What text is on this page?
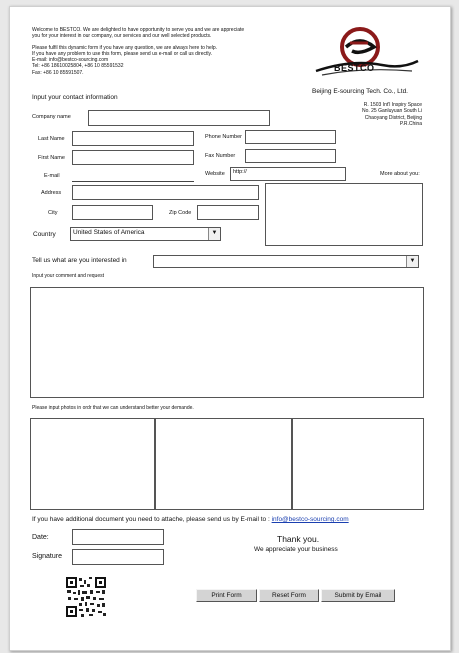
Welcome to BESTCO. We are delighted to have opportunity to serve you and we are appreciate
you for your interest in our company, our services and our well selected products.
Please fulfil this dynamic form if you have any question, we are always here to help.
If you have any problem to use this form, please send us e-mail or call us directly.
E-mail: info@bestco-sourcing.com
Tel: +86 18610025804, +86 10 85591532
Fax: +86 10 85591507.	BESTCO
Beijing E-sourcing Tech. Co., Ltd.
R. 1503 Int'l Inspiry Space
No. 25 Ganluyuan South Li
Chaoyang District, Beijing
P.R.China
Input your contact information
Company name
Last Name	Phone Number
First Name	Fax Number
E-mail	Website	http://	More about you:
Address
City	Zip Code
Country	United States of America	▼
Tell us what are you interested in	▼
Input your comment and request
Please input photos in ordr that we can understand better your demande.
If you have additional document you need to attache, please send us by E-mail to : info@bestco-sourcing.com
Date:
Signature
Thank you.
We appreciate your business
Print Form	Reset Form	Submit by Email
